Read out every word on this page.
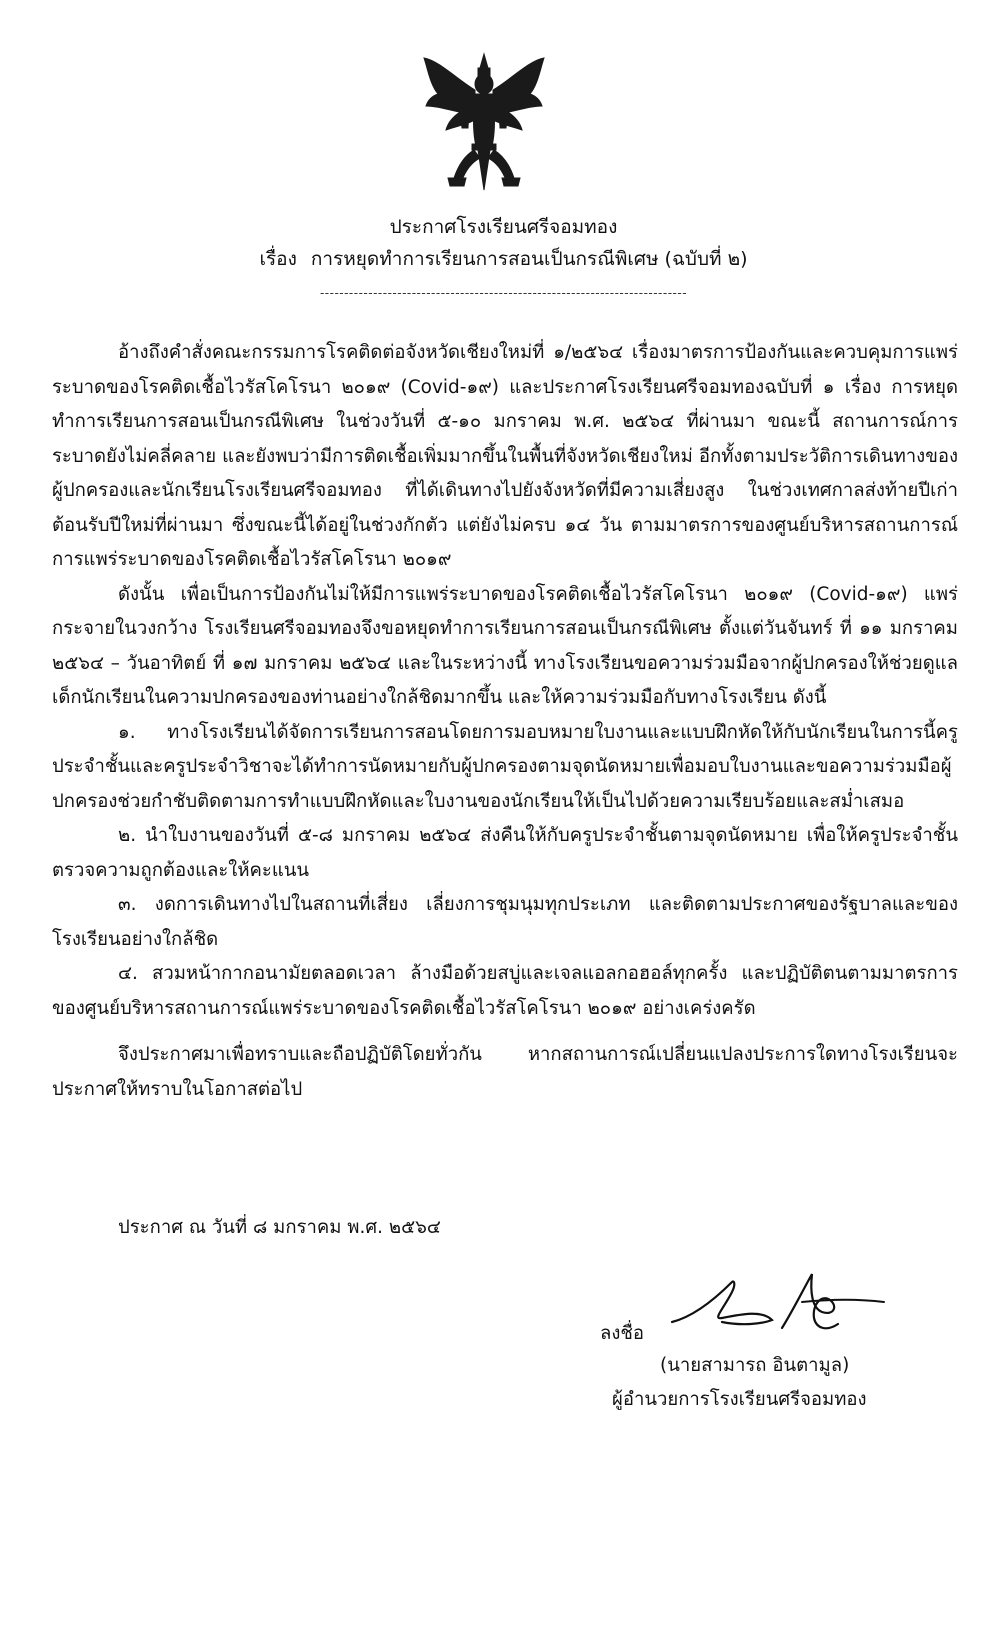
ประกาศโรงเรียนศรีจอมทอง
เรื่อง การหยุดทำการเรียนการสอนเป็นกรณีพิเศษ (ฉบับที่ ๒)
----------------------------------------------------------------------------

อ้างถึงคำสั่งคณะกรรมการโรคติดต่อจังหวัดเชียงใหม่ที่ ๑/๒๕๖๔ เรื่องมาตรการป้องกันและควบคุมการแพร่ระบาดของโรคติดเชื้อไวรัสโคโรนา ๒๐๑๙ (Covid-๑๙) และประกาศโรงเรียนศรีจอมทองฉบับที่ ๑ เรื่อง การหยุดทำการเรียนการสอนเป็นกรณีพิเศษ ในช่วงวันที่ ๕-๑๐ มกราคม พ.ศ. ๒๕๖๔ ที่ผ่านมา ขณะนี้ สถานการณ์การระบาดยังไม่คลี่คลาย และยังพบว่ามีการติดเชื้อเพิ่มมากขึ้นในพื้นที่จังหวัดเชียงใหม่ อีกทั้งตามประวัติการเดินทางของผู้ปกครองและนักเรียนโรงเรียนศรีจอมทอง ที่ได้เดินทางไปยังจังหวัดที่มีความเสี่ยงสูง ในช่วงเทศกาลส่งท้ายปีเก่าต้อนรับปีใหม่ที่ผ่านมา ซึ่งขณะนี้ได้อยู่ในช่วงกักตัว แต่ยังไม่ครบ ๑๔ วัน ตามมาตรการของศูนย์บริหารสถานการณ์การแพร่ระบาดของโรคติดเชื้อไวรัสโคโรนา ๒๐๑๙

ดังนั้น เพื่อเป็นการป้องกันไม่ให้มีการแพร่ระบาดของโรคติดเชื้อไวรัสโคโรนา ๒๐๑๙ (Covid-๑๙) แพร่กระจายในวงกว้าง โรงเรียนศรีจอมทองจึงขอหยุดทำการเรียนการสอนเป็นกรณีพิเศษ ตั้งแต่วันจันทร์ ที่ ๑๑ มกราคม ๒๕๖๔ – วันอาทิตย์ ที่ ๑๗ มกราคม ๒๕๖๔ และในระหว่างนี้ ทางโรงเรียนขอความร่วมมือจากผู้ปกครองให้ช่วยดูแลเด็กนักเรียนในความปกครองของท่านอย่างใกล้ชิดมากขึ้น และให้ความร่วมมือกับทางโรงเรียน ดังนี้

๑. ทางโรงเรียนได้จัดการเรียนการสอนโดยการมอบหมายใบงานและแบบฝึกหัดให้กับนักเรียนในการนี้ครูประจำชั้นและครูประจำวิชาจะได้ทำการนัดหมายกับผู้ปกครองตามจุดนัดหมายเพื่อมอบใบงานและขอความร่วมมือผู้ปกครองช่วยกำชับติดตามการทำแบบฝึกหัดและใบงานของนักเรียนให้เป็นไปด้วยความเรียบร้อยและสม่ำเสมอ

๒. นำใบงานของวันที่ ๕-๘ มกราคม ๒๕๖๔ ส่งคืนให้กับครูประจำชั้นตามจุดนัดหมาย เพื่อให้ครูประจำชั้นตรวจความถูกต้องและให้คะแนน

๓. งดการเดินทางไปในสถานที่เสี่ยง เลี่ยงการชุมนุมทุกประเภท และติดตามประกาศของรัฐบาลและของโรงเรียนอย่างใกล้ชิด

๔. สวมหน้ากากอนามัยตลอดเวลา ล้างมือด้วยสบู่และเจลแอลกอฮอล์ทุกครั้ง และปฏิบัติตนตามมาตรการของศูนย์บริหารสถานการณ์แพร่ระบาดของโรคติดเชื้อไวรัสโคโรนา ๒๐๑๙ อย่างเคร่งครัด

จึงประกาศมาเพื่อทราบและถือปฏิบัติโดยทั่วกัน หากสถานการณ์เปลี่ยนแปลงประการใดทางโรงเรียนจะประกาศให้ทราบในโอกาสต่อไป

ประกาศ ณ วันที่ ๘ มกราคม พ.ศ. ๒๕๖๔
ลงชื่อ
(นายสามารถ อินตามูล)
ผู้อำนวยการโรงเรียนศรีจอมทอง
